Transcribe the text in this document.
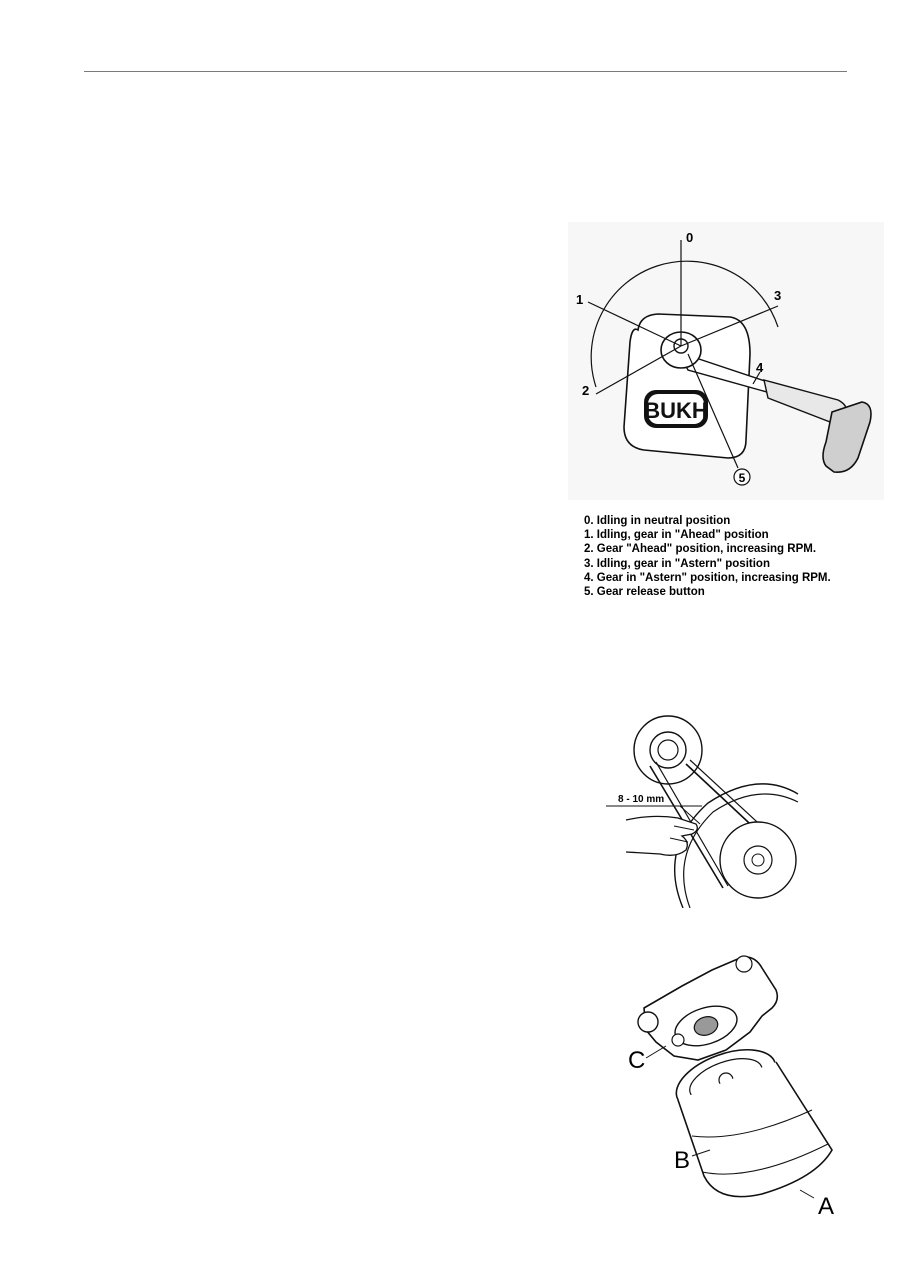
BUKH
0
1
2
3
4
5
0. Idling in neutral position
1. Idling, gear in "Ahead" position
2. Gear "Ahead" position, increasing RPM.
3. Idling, gear in "Astern" position
4. Gear in "Astern" position, increasing RPM.
5. Gear release button
8 - 10 mm
C
B
A
